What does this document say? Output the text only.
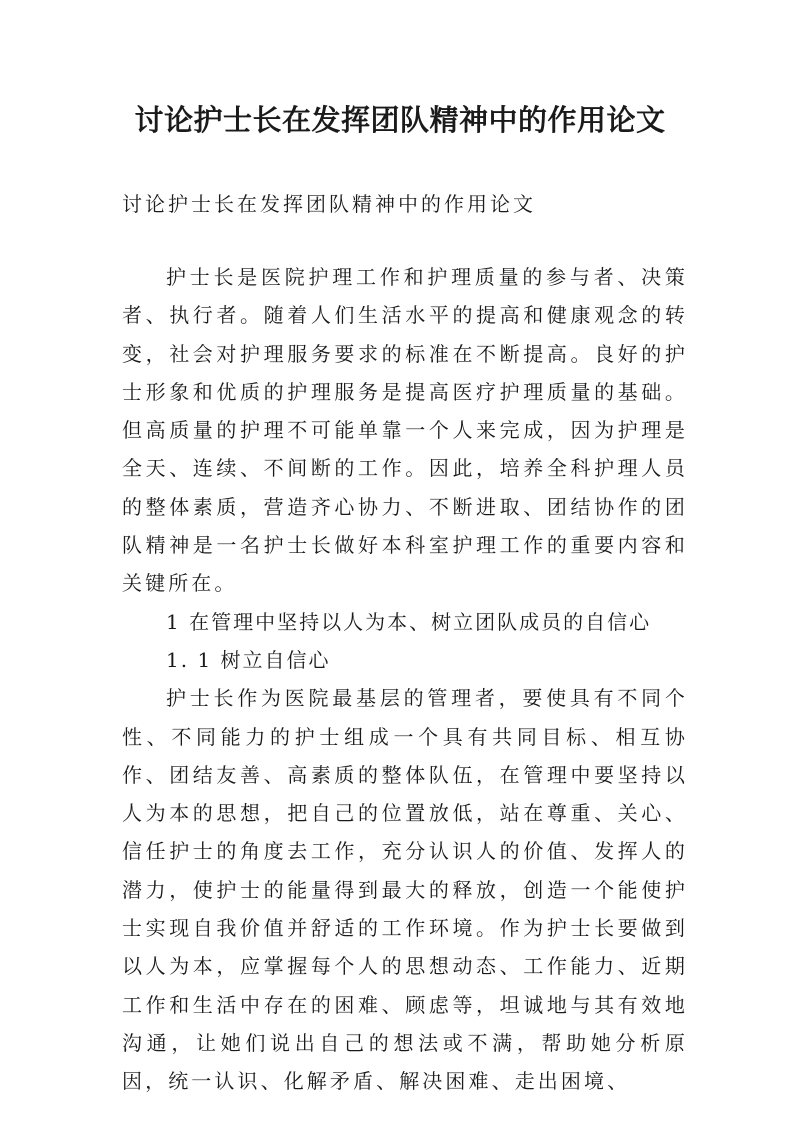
讨论护士长在发挥团队精神中的作用论文

讨论护士长在发挥团队精神中的作用论文

护士长是医院护理工作和护理质量的参与者、决策者、执行者。随着人们生活水平的提高和健康观念的转变，社会对护理服务要求的标准在不断提高。良好的护士形象和优质的护理服务是提高医疗护理质量的基础。但高质量的护理不可能单靠一个人来完成，因为护理是全天、连续、不间断的工作。因此，培养全科护理人员的整体素质，营造齐心协力、不断进取、团结协作的团队精神是一名护士长做好本科室护理工作的重要内容和关键所在。

1 在管理中坚持以人为本、树立团队成员的自信心

1. 1 树立自信心

护士长作为医院最基层的管理者，要使具有不同个性、不同能力的护士组成一个具有共同目标、相互协作、团结友善、高素质的整体队伍，在管理中要坚持以人为本的思想，把自己的位置放低，站在尊重、关心、信任护士的角度去工作，充分认识人的价值、发挥人的潜力，使护士的能量得到最大的释放，创造一个能使护士实现自我价值并舒适的工作环境。作为护士长要做到以人为本，应掌握每个人的思想动态、工作能力、近期工作和生活中存在的困难、顾虑等，坦诚地与其有效地沟通，让她们说出自己的想法或不满，帮助她分析原因，统一认识、化解矛盾、解决困难、走出困境、
